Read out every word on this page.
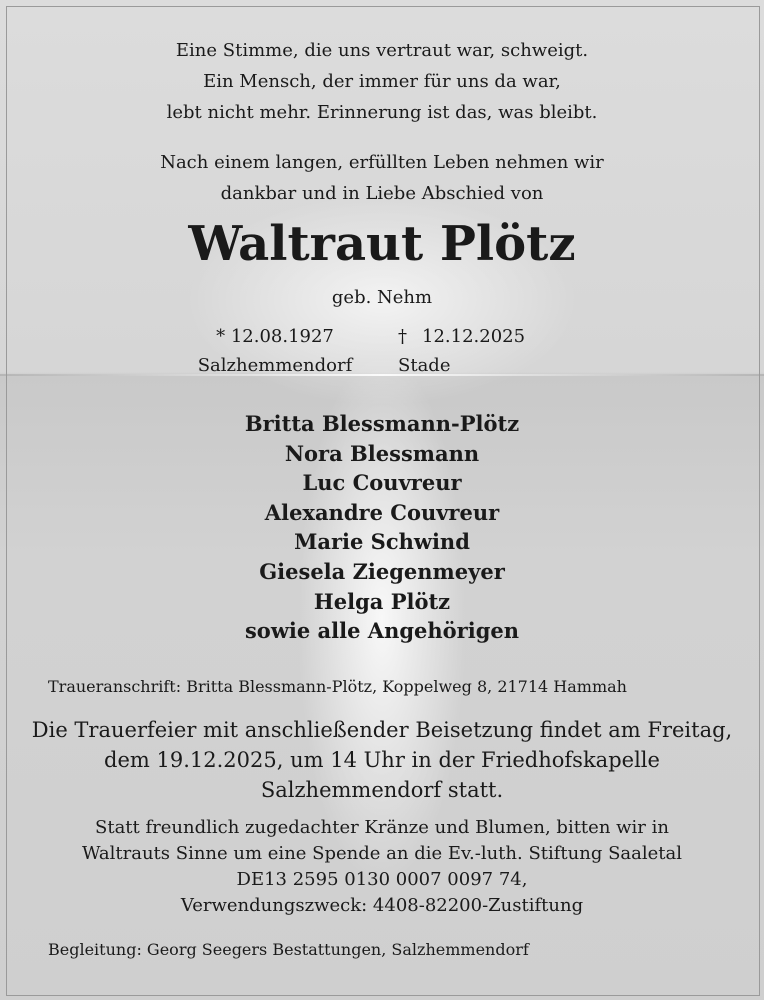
Eine Stimme, die uns vertraut war, schweigt.
Ein Mensch, der immer für uns da war,
lebt nicht mehr. Erinnerung ist das, was bleibt.
Nach einem langen, erfüllten Leben nehmen wir
dankbar und in Liebe Abschied von
Waltraut Plötz
geb. Nehm
* 12.08.1927
Salzhemmendorf
† 12.12.2025
Stade
Britta Blessmann-Plötz
Nora Blessmann
Luc Couvreur
Alexandre Couvreur
Marie Schwind
Giesela Ziegenmeyer
Helga Plötz
sowie alle Angehörigen
Traueranschrift: Britta Blessmann-Plötz, Koppelweg 8, 21714 Hammah
Die Trauerfeier mit anschließender Beisetzung findet am Freitag,
dem 19.12.2025, um 14 Uhr in der Friedhofskapelle
Salzhemmendorf statt.
Statt freundlich zugedachter Kränze und Blumen, bitten wir in
Waltrauts Sinne um eine Spende an die Ev.-luth. Stiftung Saaletal
DE13 2595 0130 0007 0097 74,
Verwendungszweck: 4408-82200-Zustiftung
Begleitung: Georg Seegers Bestattungen, Salzhemmendorf
